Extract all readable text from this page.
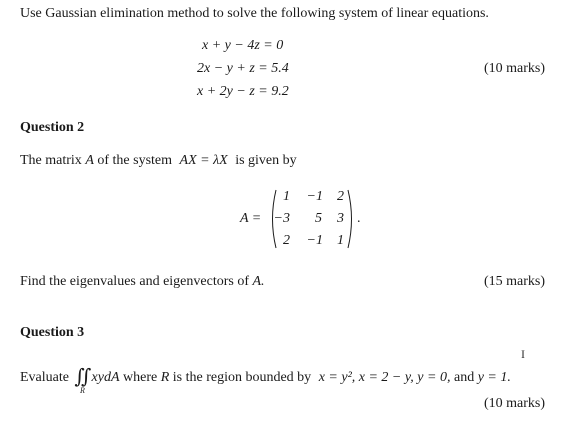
Use Gaussian elimination method to solve the following system of linear equations.
x + y − 4z = 0
2x − y + z = 5.4
x + 2y − z = 9.2
(10 marks)
Question 2
The matrix A of the system AX = λX is given by
A =
1	−1	2
−3	5	3
2	−1	1
.
Find the eigenvalues and eigenvectors of A.	(15 marks)
Question 3
I
Evaluate ∬xydA where R is the region bounded by x = y², x = 2 − y, y = 0, and y = 1.
R
(10 marks)
